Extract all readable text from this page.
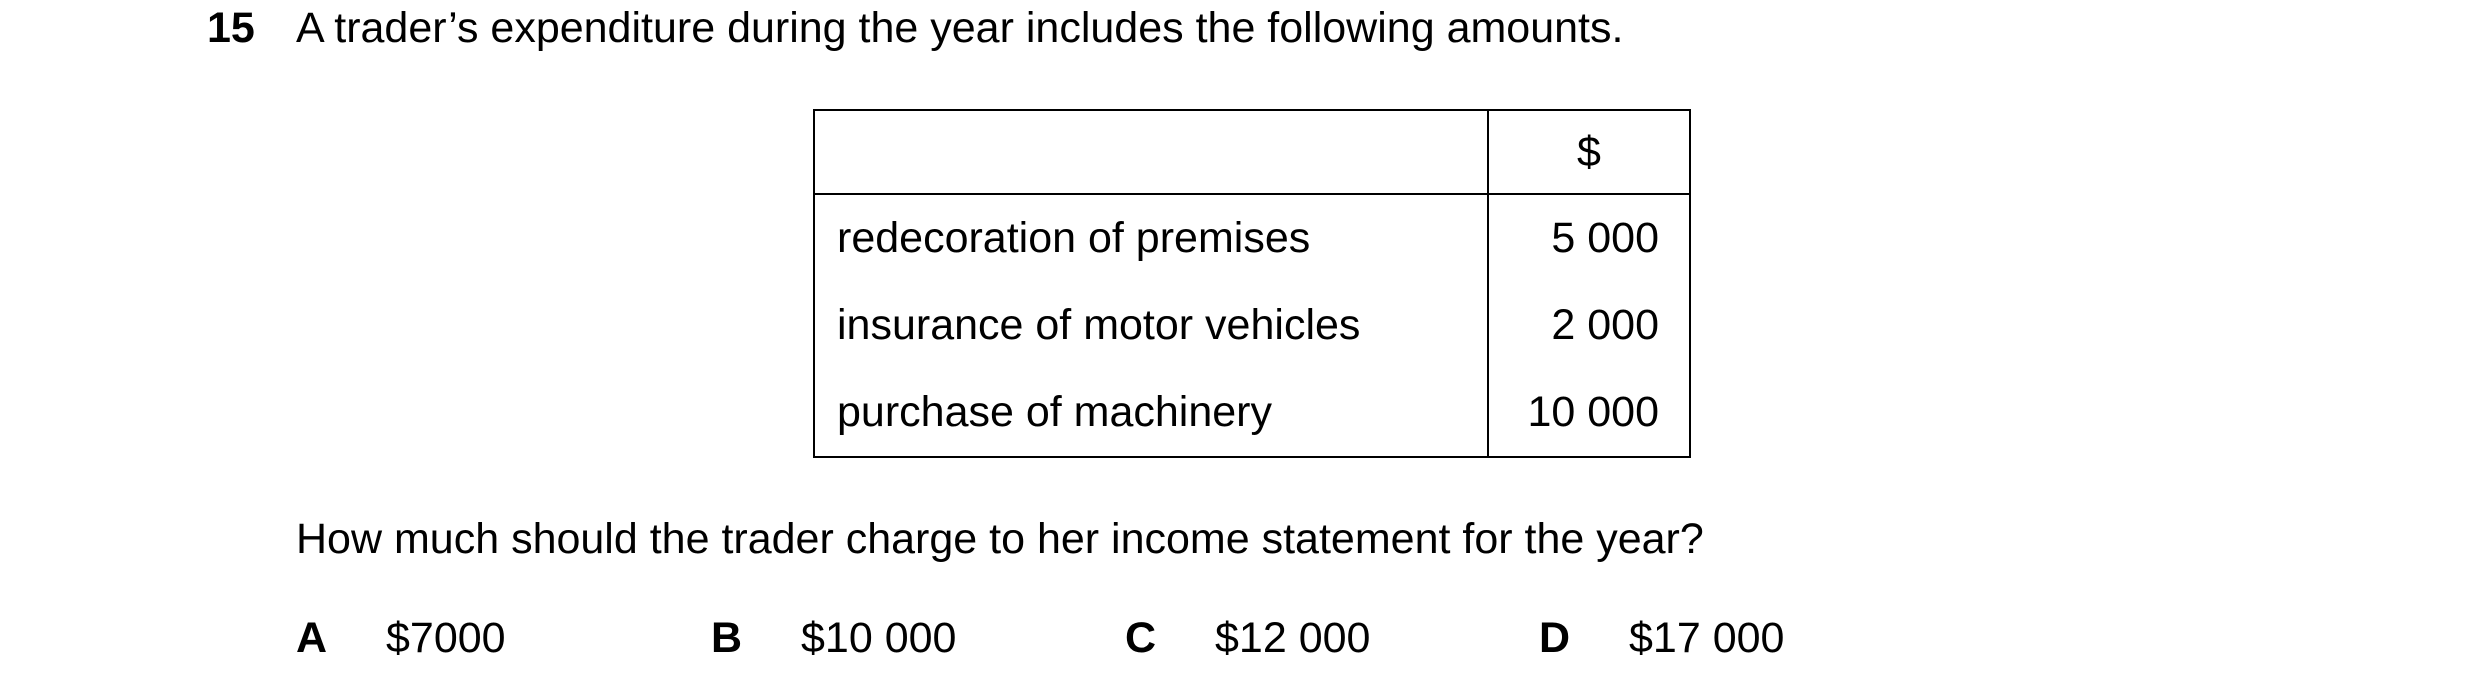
15 A trader’s expenditure during the year includes the following amounts.
	$
redecoration of premises	5 000
insurance of motor vehicles	2 000
purchase of machinery	10 000
How much should the trader charge to her income statement for the year?
A $7000	B $10 000	C $12 000	D $17 000
